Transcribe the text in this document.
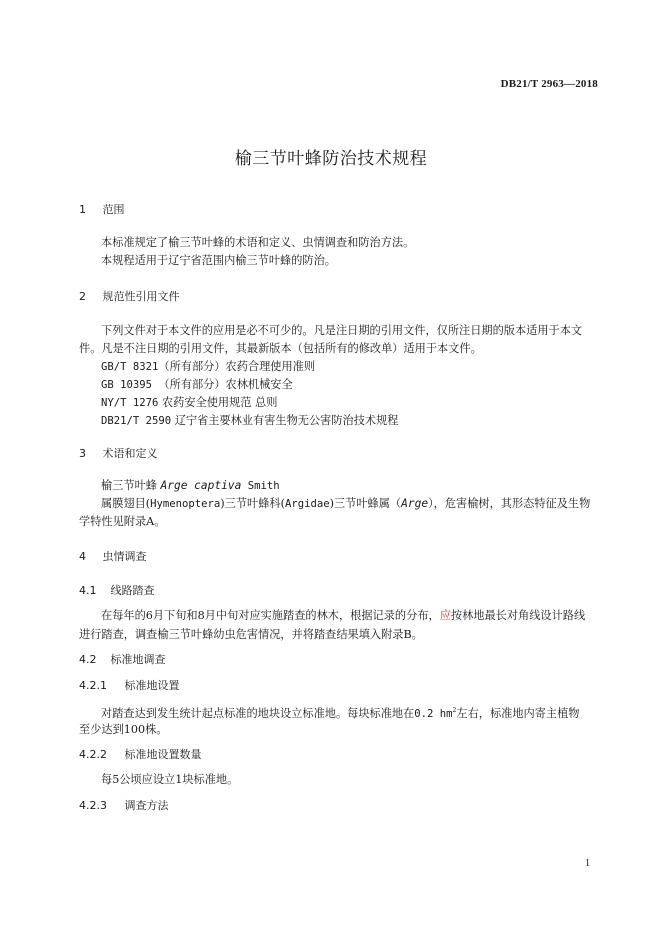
DB21/T 2963—2018
榆三节叶蜂防治技术规程
1 范围
本标准规定了榆三节叶蜂的术语和定义、虫情调查和防治方法。
本规程适用于辽宁省范围内榆三节叶蜂的防治。
2 规范性引用文件
下列文件对于本文件的应用是必不可少的。凡是注日期的引用文件，仅所注日期的版本适用于本文
件。凡是不注日期的引用文件，其最新版本（包括所有的修改单）适用于本文件。
GB/T 8321（所有部分）农药合理使用准则
GB 10395 （所有部分）农林机械安全
NY/T 1276 农药安全使用规范 总则
DB21/T 2590 辽宁省主要林业有害生物无公害防治技术规程
3 术语和定义
榆三节叶蜂 Arge captiva Smith
属膜翅目(Hymenoptera)三节叶蜂科(Argidae)三节叶蜂属（Arge），危害榆树，其形态特征及生物
学特性见附录A。
4 虫情调查
4.1 线路踏查
在每年的6月下旬和8月中旬对应实施踏查的林木，根据记录的分布，应按林地最长对角线设计路线
进行踏查，调查榆三节叶蜂幼虫危害情况，并将踏查结果填入附录B。
4.2 标准地调查
4.2.1 标准地设置
对踏查达到发生统计起点标准的地块设立标准地。每块标准地在0.2 $hm^2$左右，标准地内寄主植物
至少达到100株。
4.2.2 标准地设置数量
每5公顷应设立1块标准地。
4.2.3 调查方法
1
